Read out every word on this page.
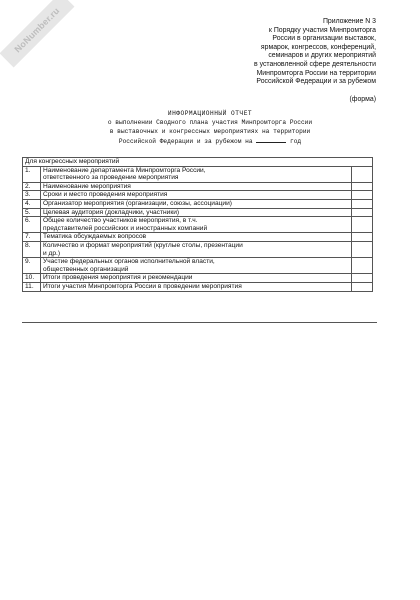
NoNumber.ru	Приложение N 3
к Порядку участия Минпромторга
России в организации выставок,
ярмарок, конгрессов, конференций,
семинаров и других мероприятий
в установленной сфере деятельности
Минпромторга России на территории
Российской Федерации и за рубежом
(форма)
ИНФОРМАЦИОННЫЙ ОТЧЕТ
о выполнении Сводного плана участия Минпромторга России
в выставочных и конгрессных мероприятиях на территории
Российской Федерации и за рубежом на	год
Для конгрессных мероприятий		
1.	Наименование департамента Минпромторга России,
ответственного за проведение мероприятия	

2.	Наименование мероприятия	

3.	Сроки и место проведения мероприятия	

4.	Организатор мероприятия (организации, союзы, ассоциации)	

5.	Целевая аудитория (докладчики, участники)	

6.	Общее количество участников мероприятия, в т.ч.
представителей российских и иностранных компаний	

7.	Тематика обсуждаемых вопросов	

8.	Количество и формат мероприятий (круглые столы, презентации
и др.)	

9.	Участие федеральных органов исполнительной власти,
общественных организаций	

10.	Итоги проведения мероприятия и рекомендации	

11.	Итоги участия Минпромторга России в проведении мероприятия	
